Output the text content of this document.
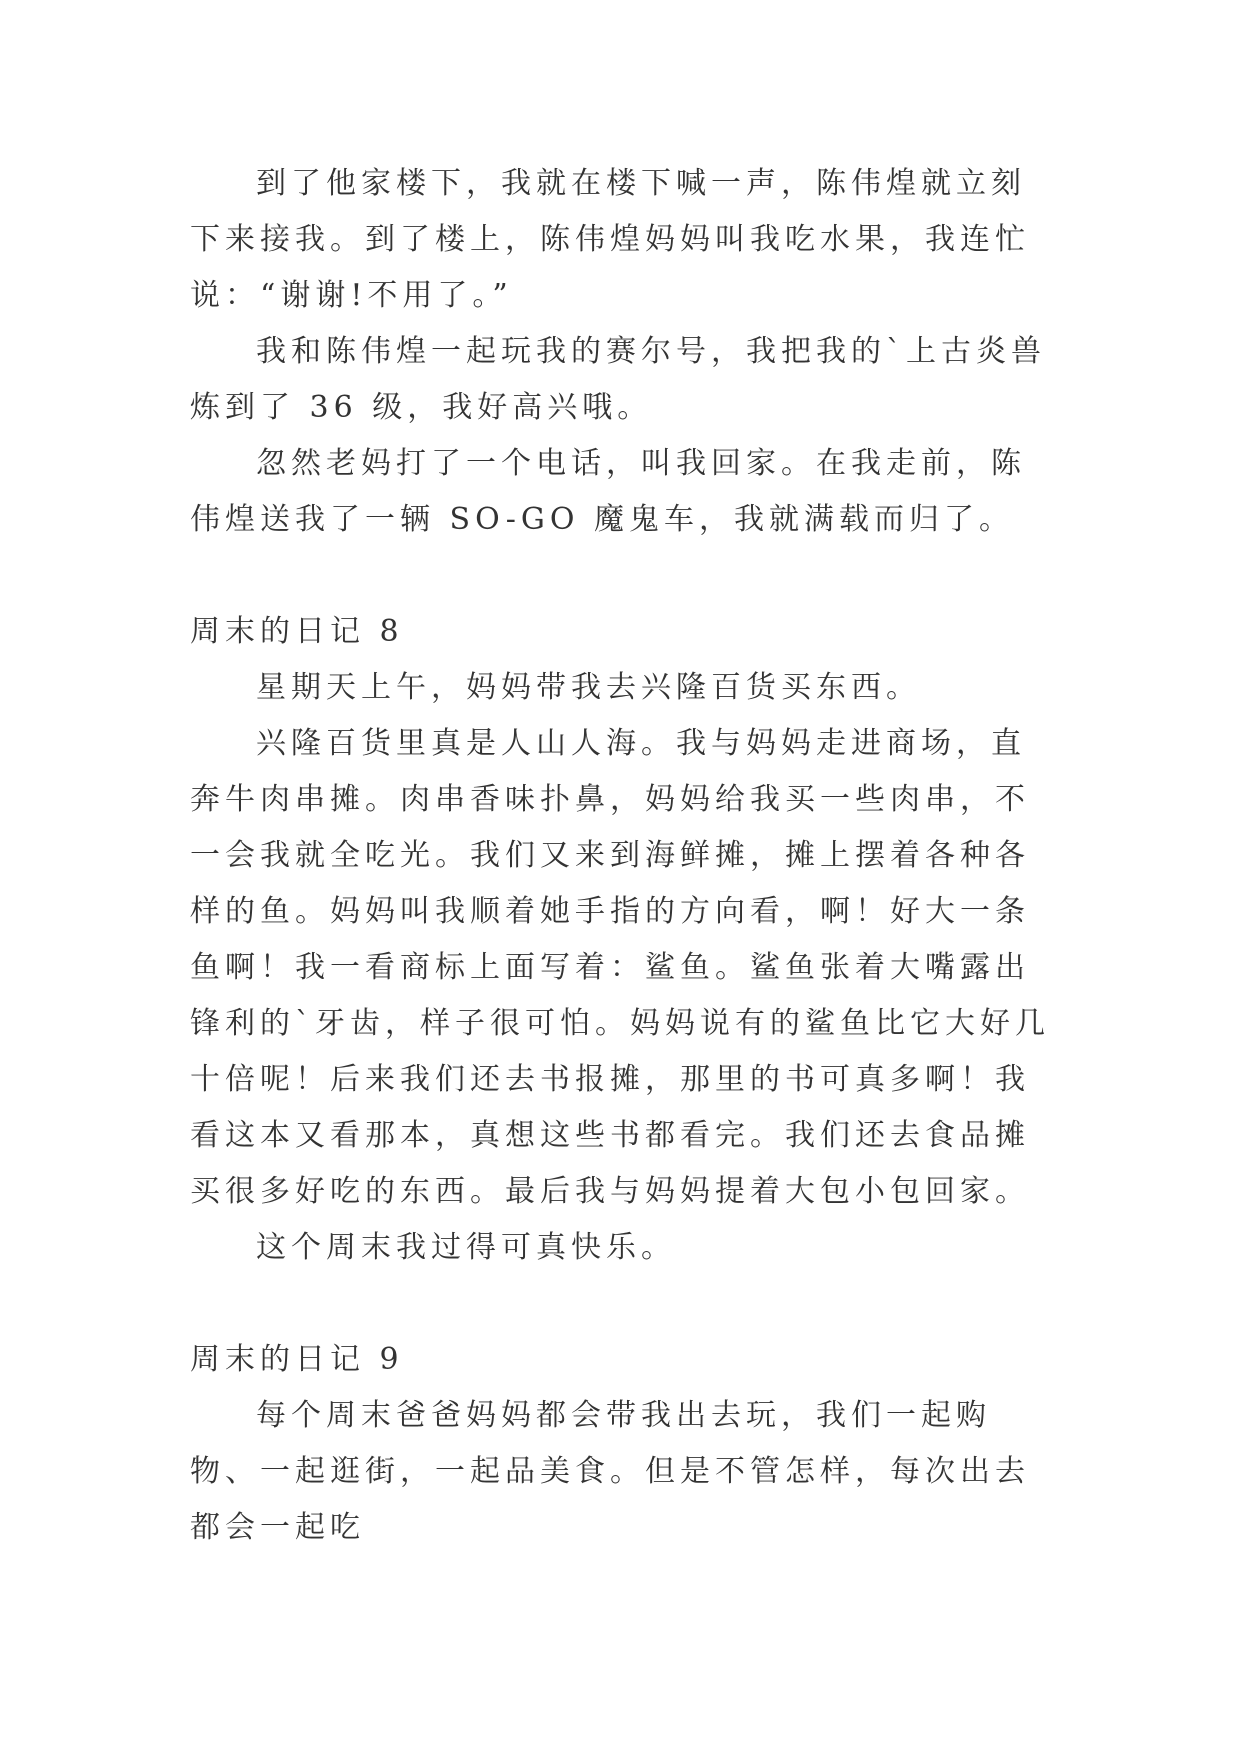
到了他家楼下，我就在楼下喊一声，陈伟煌就立刻下来接我。到了楼上，陈伟煌妈妈叫我吃水果，我连忙说：“谢谢!不用了。”

我和陈伟煌一起玩我的赛尔号，我把我的`上古炎兽炼到了 36 级，我好高兴哦。

忽然老妈打了一个电话，叫我回家。在我走前，陈伟煌送我了一辆 SO-GO 魔鬼车，我就满载而归了。

周末的日记 8

星期天上午，妈妈带我去兴隆百货买东西。

兴隆百货里真是人山人海。我与妈妈走进商场，直奔牛肉串摊。肉串香味扑鼻，妈妈给我买一些肉串，不一会我就全吃光。我们又来到海鲜摊，摊上摆着各种各样的鱼。妈妈叫我顺着她手指的方向看，啊！好大一条鱼啊！我一看商标上面写着：鲨鱼。鲨鱼张着大嘴露出锋利的`牙齿，样子很可怕。妈妈说有的鲨鱼比它大好几十倍呢！后来我们还去书报摊，那里的书可真多啊！我看这本又看那本，真想这些书都看完。我们还去食品摊买很多好吃的东西。最后我与妈妈提着大包小包回家。

这个周末我过得可真快乐。

周末的日记 9

每个周末爸爸妈妈都会带我出去玩，我们一起购物、一起逛街，一起品美食。但是不管怎样，每次出去都会一起吃
